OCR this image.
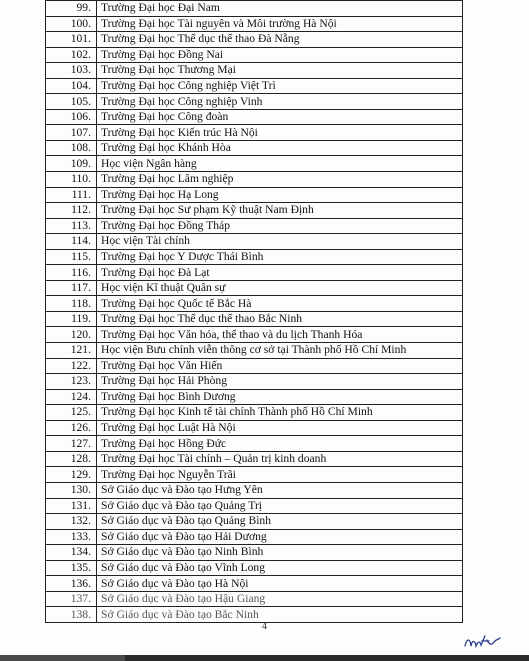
99.	Trường Đại học Đại Nam
100.	Trường Đại học Tài nguyên và Môi trường Hà Nội
101.	Trường Đại học Thể dục thể thao Đà Nẵng
102.	Trường Đại học Đồng Nai
103.	Trường Đại học Thương Mại
104.	Trường Đại học Công nghiệp Việt Trì
105.	Trường Đại học Công nghiệp Vinh
106.	Trường Đại học Công đoàn
107.	Trường Đại học Kiến trúc Hà Nội
108.	Trường Đại học Khánh Hòa
109.	Học viện Ngân hàng
110.	Trường Đại học Lâm nghiệp
111.	Trường Đại học Hạ Long
112.	Trường Đại học Sư phạm Kỹ thuật Nam Định
113.	Trường Đại học Đồng Tháp
114.	Học viện Tài chính
115.	Trường Đại học Y Dược Thái Bình
116.	Trường Đại học Đà Lạt
117.	Học viện Kĩ thuật Quân sự
118.	Trường Đại học Quốc tế Bắc Hà
119.	Trường Đại học Thể dục thể thao Bắc Ninh
120.	Trường Đại học Văn hóa, thể thao và du lịch Thanh Hóa
121.	Học viện Bưu chính viễn thông cơ sở tại Thành phố Hồ Chí Minh
122.	Trường Đại học Văn Hiến
123.	Trường Đại học Hải Phòng
124.	Trường Đại học Bình Dương
125.	Trường Đại học Kinh tế tài chính Thành phố Hồ Chí Minh
126.	Trường Đại học Luật Hà Nội
127.	Trường Đại học Hồng Đức
128.	Trường Đại học Tài chính – Quản trị kinh doanh
129.	Trường Đại học Nguyễn Trãi
130.	Sở Giáo dục và Đào tạo Hưng Yên
131.	Sở Giáo dục và Đào tạo Quảng Trị
132.	Sở Giáo dục và Đào tạo Quảng Bình
133.	Sở Giáo dục và Đào tạo Hải Dương
134.	Sở Giáo dục và Đào tạo Ninh Bình
135.	Sở Giáo dục và Đào tạo Vĩnh Long
136.	Sở Giáo dục và Đào tạo Hà Nội
137.	Sở Giáo dục và Đào tạo Hậu Giang
138.	Sở Giáo dục và Đào tạo Bắc Ninh
4
